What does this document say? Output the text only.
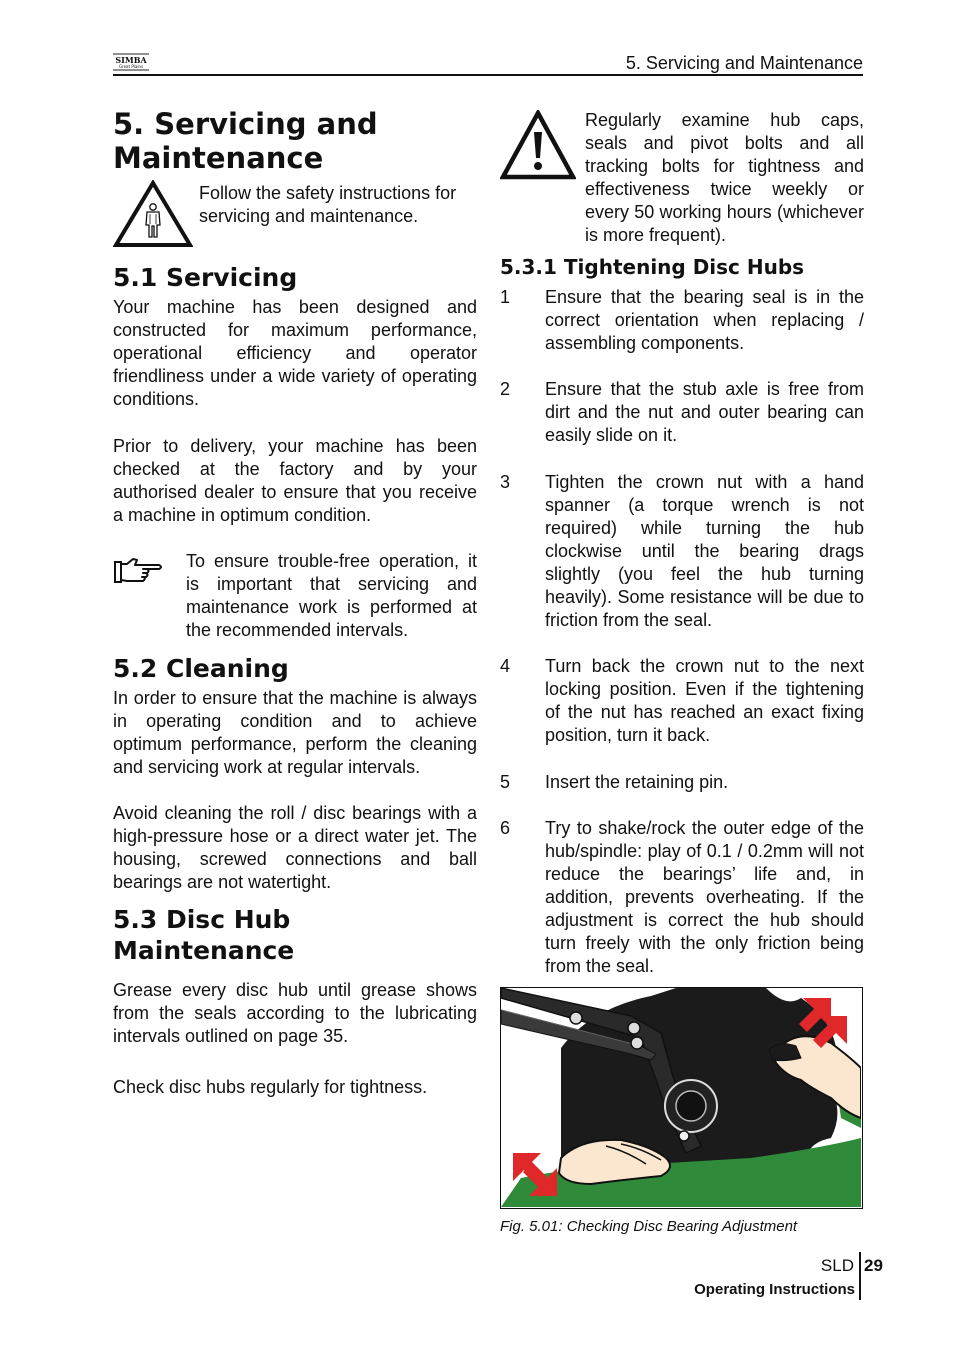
SIMBA
Great Plains	5. Servicing and Maintenance
5. Servicing and Maintenance
Follow the safety instructions for servicing and maintenance.
5.1 Servicing
Your machine has been designed and constructed for maximum performance, operational efficiency and operator friendliness under a wide variety of operating conditions.
Prior to delivery, your machine has been checked at the factory and by your authorised dealer to ensure that you receive a machine in optimum condition.
To ensure trouble-free operation, it is important that servicing and maintenance work is performed at the recommended intervals.
5.2 Cleaning
In order to ensure that the machine is always in operating condition and to achieve optimum performance, perform the cleaning and servicing work at regular intervals.
Avoid cleaning the roll / disc bearings with a high-pressure hose or a direct water jet. The housing, screwed connections and ball bearings are not watertight.
5.3 Disc Hub Maintenance
Grease every disc hub until grease shows from the seals according to the lubricating intervals outlined on page 35.
Check disc hubs regularly for tightness.
Regularly examine hub caps, seals and pivot bolts and all tracking bolts for tightness and effectiveness twice weekly or every 50 working hours (whichever is more frequent).
5.3.1 Tightening Disc Hubs
1	Ensure that the bearing seal is in the correct orientation when replacing / assembling components.
2	Ensure that the stub axle is free from dirt and the nut and outer bearing can easily slide on it.
3	Tighten the crown nut with a hand spanner (a torque wrench is not required) while turning the hub clockwise until the bearing drags slightly (you feel the hub turning heavily). Some resistance will be due to friction from the seal.
4	Turn back the crown nut to the next locking position. Even if the tightening of the nut has reached an exact fixing position, turn it back.
5	Insert the retaining pin.
6	Try to shake/rock the outer edge of the hub/spindle: play of 0.1 / 0.2mm will not reduce the bearings’ life and, in addition, prevents overheating. If the adjustment is correct the hub should turn freely with the only friction being from the seal.
Fig. 5.01: Checking Disc Bearing Adjustment
SLD 29
Operating Instructions
